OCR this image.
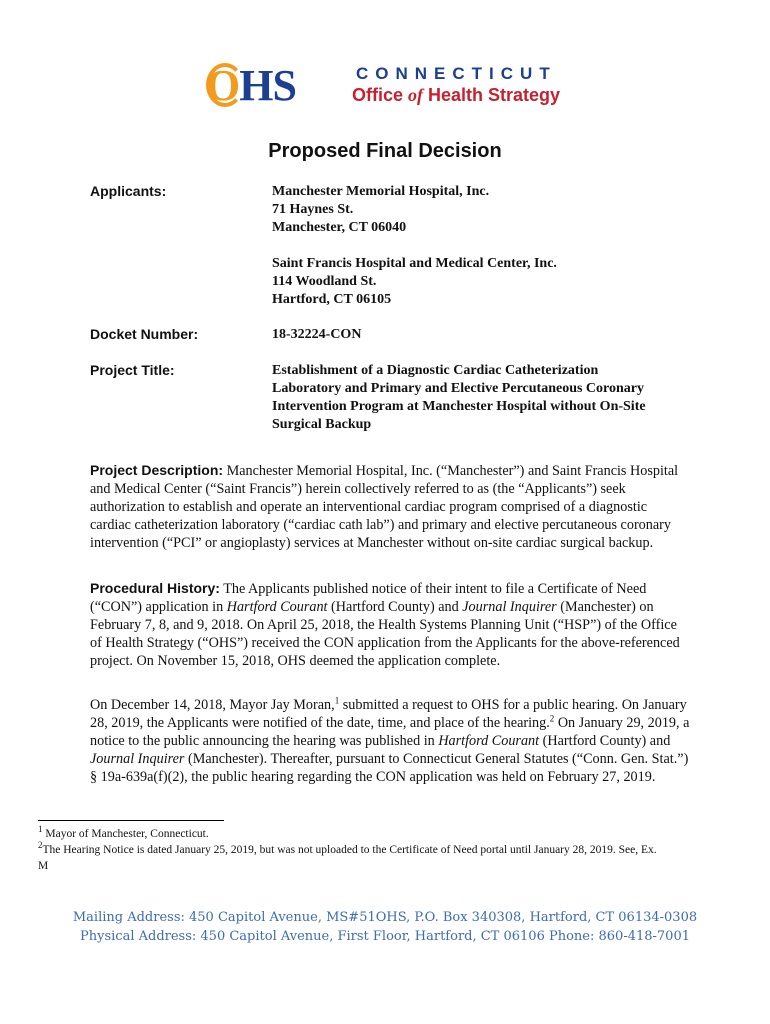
OHS	CONNECTICUT
Office of Health Strategy
Proposed Final Decision
Applicants:	Manchester Memorial Hospital, Inc.
71 Haynes St.
Manchester, CT 06040
Saint Francis Hospital and Medical Center, Inc.
114 Woodland St.
Hartford, CT 06105
Docket Number:	18-32224-CON
Project Title:	Establishment of a Diagnostic Cardiac Catheterization
Laboratory and Primary and Elective Percutaneous Coronary
Intervention Program at Manchester Hospital without On-Site
Surgical Backup
Project Description: Manchester Memorial Hospital, Inc. (“Manchester”) and Saint Francis Hospital and Medical Center (“Saint Francis”) herein collectively referred to as (the “Applicants”) seek authorization to establish and operate an interventional cardiac program comprised of a diagnostic cardiac catheterization laboratory (“cardiac cath lab”) and primary and elective percutaneous coronary intervention (“PCI” or angioplasty) services at Manchester without on-site cardiac surgical backup.
Procedural History: The Applicants published notice of their intent to file a Certificate of Need (“CON”) application in Hartford Courant (Hartford County) and Journal Inquirer (Manchester) on February 7, 8, and 9, 2018. On April 25, 2018, the Health Systems Planning Unit (“HSP”) of the Office of Health Strategy (“OHS”) received the CON application from the Applicants for the above-referenced project. On November 15, 2018, OHS deemed the application complete.
On December 14, 2018, Mayor Jay Moran,$^1$ submitted a request to OHS for a public hearing. On January 28, 2019, the Applicants were notified of the date, time, and place of the hearing.$^2$ On January 29, 2019, a notice to the public announcing the hearing was published in Hartford Courant (Hartford County) and Journal Inquirer (Manchester). Thereafter, pursuant to Connecticut General Statutes (“Conn. Gen. Stat.”) § 19a-639a(f)(2), the public hearing regarding the CON application was held on February 27, 2019.
$^1$ Mayor of Manchester, Connecticut.
$^2$The Hearing Notice is dated January 25, 2019, but was not uploaded to the Certificate of Need portal until January 28, 2019. See, Ex. M
Mailing Address: 450 Capitol Avenue, MS#51OHS, P.O. Box 340308, Hartford, CT 06134-0308
Physical Address: 450 Capitol Avenue, First Floor, Hartford, CT 06106 Phone: 860-418-7001
